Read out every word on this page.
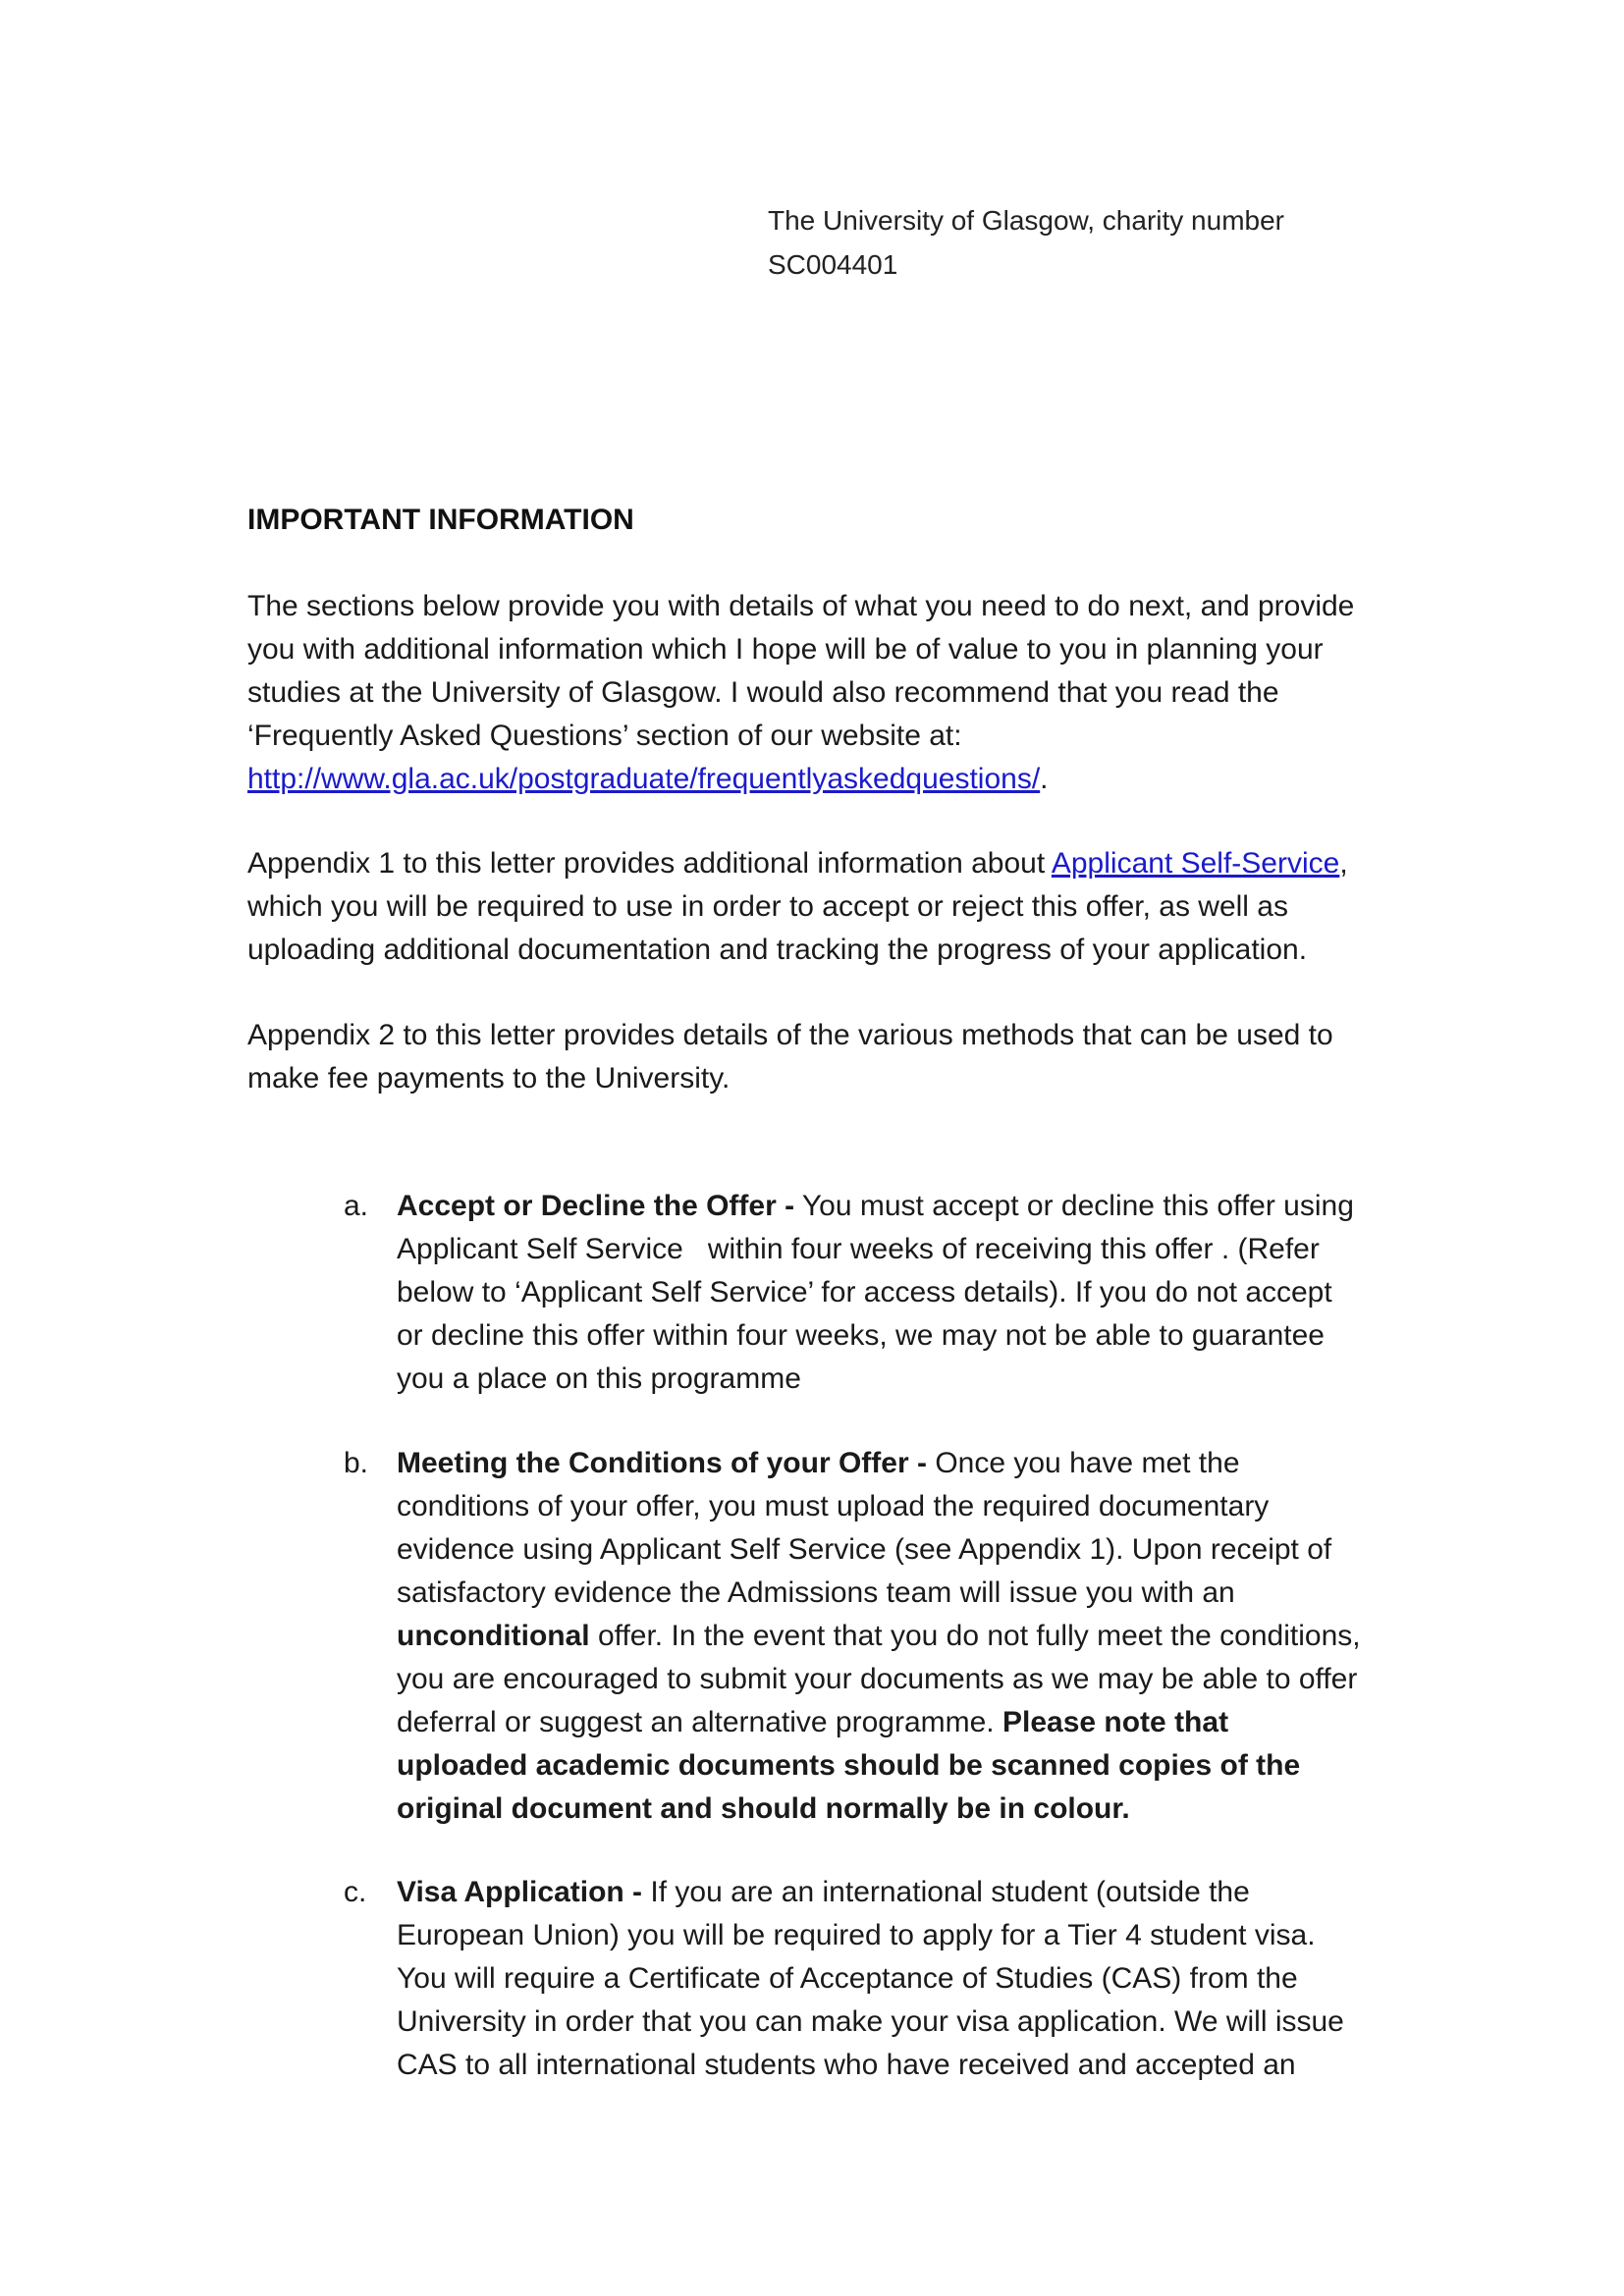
The University of Glasgow, charity number
SC004401
IMPORTANT INFORMATION
The sections below provide you with details of what you need to do next, and provide
you with additional information which I hope will be of value to you in planning your
studies at the University of Glasgow. I would also recommend that you read the
‘Frequently Asked Questions’ section of our website at:
http://www.gla.ac.uk/postgraduate/frequentlyaskedquestions/.
Appendix 1 to this letter provides additional information about Applicant Self-Service,
which you will be required to use in order to accept or reject this offer, as well as
uploading additional documentation and tracking the progress of your application.
Appendix 2 to this letter provides details of the various methods that can be used to
make fee payments to the University.
a. Accept or Decline the Offer - You must accept or decline this offer using
Applicant Self Service   within four weeks of receiving this offer . (Refer
below to ‘Applicant Self Service’ for access details). If you do not accept
or decline this offer within four weeks, we may not be able to guarantee
you a place on this programme
b. Meeting the Conditions of your Offer - Once you have met the
conditions of your offer, you must upload the required documentary
evidence using Applicant Self Service (see Appendix 1). Upon receipt of
satisfactory evidence the Admissions team will issue you with an
unconditional offer. In the event that you do not fully meet the conditions,
you are encouraged to submit your documents as we may be able to offer
deferral or suggest an alternative programme. Please note that
uploaded academic documents should be scanned copies of the
original document and should normally be in colour.
c.	Visa Application - If you are an international student (outside the
European Union) you will be required to apply for a Tier 4 student visa.
You will require a Certificate of Acceptance of Studies (CAS) from the
University in order that you can make your visa application. We will issue
CAS to all international students who have received and accepted an
